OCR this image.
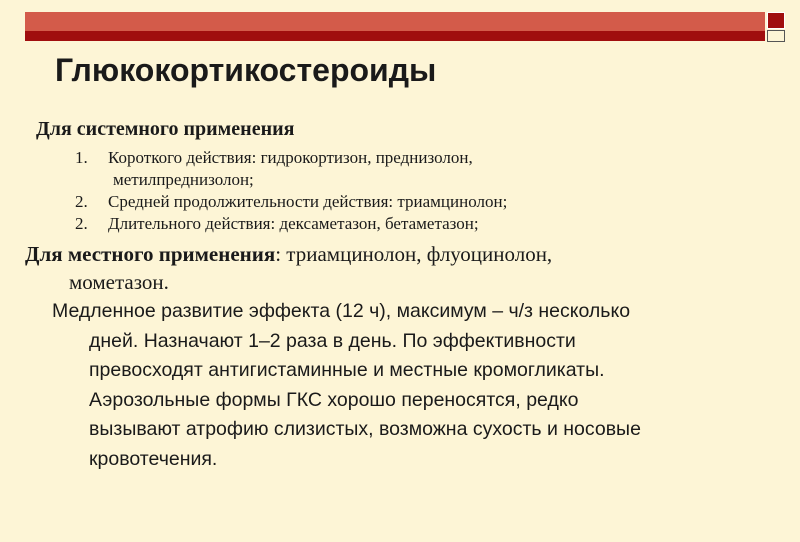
Глюкокортикостероиды
Для системного применения
1.	Короткого действия: гидрокортизон, преднизолон,
метилпреднизолон;
2.	Средней продолжительности действия: триамцинолон;
2.	Длительного действия: дексаметазон, бетаметазон;
Для местного применения: триамцинолон, флуоцинолон,
мометазон.
Медленное развитие эффекта (12 ч), максимум – ч/з несколько
дней. Назначают 1–2 раза в день. По эффективности
превосходят антигистаминные и местные кромогликаты.
Аэрозольные формы ГКС хорошо переносятся, редко
вызывают атрофию слизистых, возможна сухость и носовые
кровотечения.
